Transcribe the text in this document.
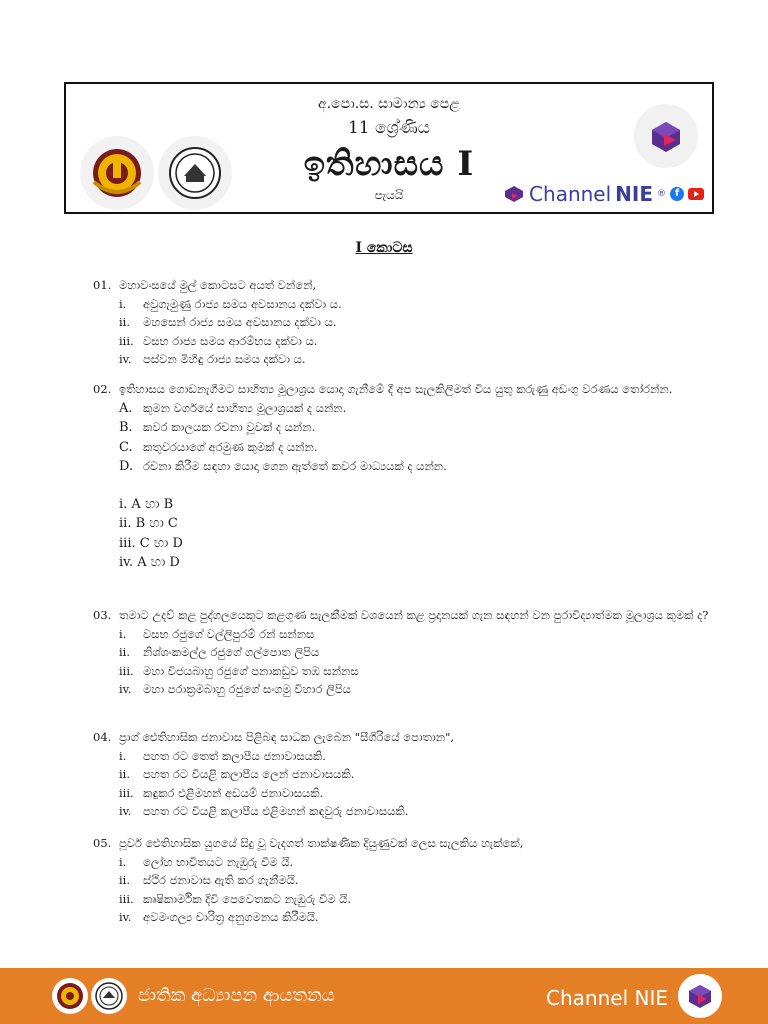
අ.පො.ස. සාමාන්‍ය පෙළ
11 ශ්‍රේණිය
ඉතිහාසය I
පැයයි	Channel NIE ® f
I කොටස
01. මහාවංසයේ මුල් කොටසට අයත් වන්නේ,
i. අවුගැමුණු රාජ්‍ය සමය අවසානය දක්වා ය.
ii. මහසෙන් රාජ්‍ය සමය අවසානය දක්වා ය.
iii. වසභ රාජ්‍ය සමය ආරම්භය දක්වා ය.
iv. පස්වන මිහිඳු රාජ්‍ය සමය දක්වා ය.
02. ඉතිහාසය ගොඩනැගීමට සාහිත්‍ය මූලාශ්‍රය යොදා ගැනීමේ දී අප සැලකිලිමත් විය යුතු කරුණු අඩංගු වරණය තෝරන්න.
A. කුමන වර්ගයේ සාහිත්‍ය මූලාශ්‍රයක් ද යන්න.
B. කවර කාලයක රචනා වූවක් ද යන්න.
C. කතුවරයාගේ අරමුණ කුමක් ද යන්න.
D. රචනා කිරීම සඳහා යොදා ගෙන ඇත්තේ කවර මාධ්‍යයක් ද යන්න.
i. A හා B
ii. B හා C
iii. C හා D
iv. A හා D
03. තමාට උදව් කළ පුද්ගලයෙකුට කළගුණ සැලකීමක් වශයෙන් කළ ප්‍රදානයක් ගැන සඳහන් වන පුරාවිද්‍යාත්මක මූලාශ්‍රය කුමක් ද?
i. වසභ රජුගේ වල්ලිපුරම් රන් සන්නස
ii. නිශ්ශංකමල්ල රජුගේ ගල්පොත ලිපිය
iii. මහා විජයබාහු රජුගේ පනාකඩුව තඹ සන්නස
iv. මහා පරාක්‍රමබාහු රජුගේ සංගමු විහාර ලිපිය
04. ප්‍රාග් ඓතිහාසික ජනාවාස පිළිබඳ සාධක ලැබෙන "සීගිරියේ පොතාන",
i. පහත රට තෙත් කලාපීය ජනාවාසයකි.
ii. පහත රට වියළි කලාපීය ලෙන් ජනාවාසයකි.
iii. කඳුකර එළිමහන් අඩයම් ජනාවාසයකි.
iv. පහත රට වියළි කලාපීය එළිමහන් කඳවුරු ජනාවාසයකි.
05. පූර්ව ඓතිහාසික යුගයේ සිදු වූ වැදගත් තාක්ෂණික දියුණුවක් ලෙස සැලකිය හැක්කේ,
i. ලෝහ භාවිතයට නැඹුරු වීම යි.
ii. ස්ථිර ජනාවාස ඇති කර ගැනීමයි.
iii. කෘෂිකාර්මික දිවි පෙවෙතකට නැඹුරු වීම යි.
iv. අවමංගල්‍ය චාරිත්‍ර අනුගමනය කිරීමයි.
ජාතික අධ්‍යාපන ආයතනය	Channel NIE
